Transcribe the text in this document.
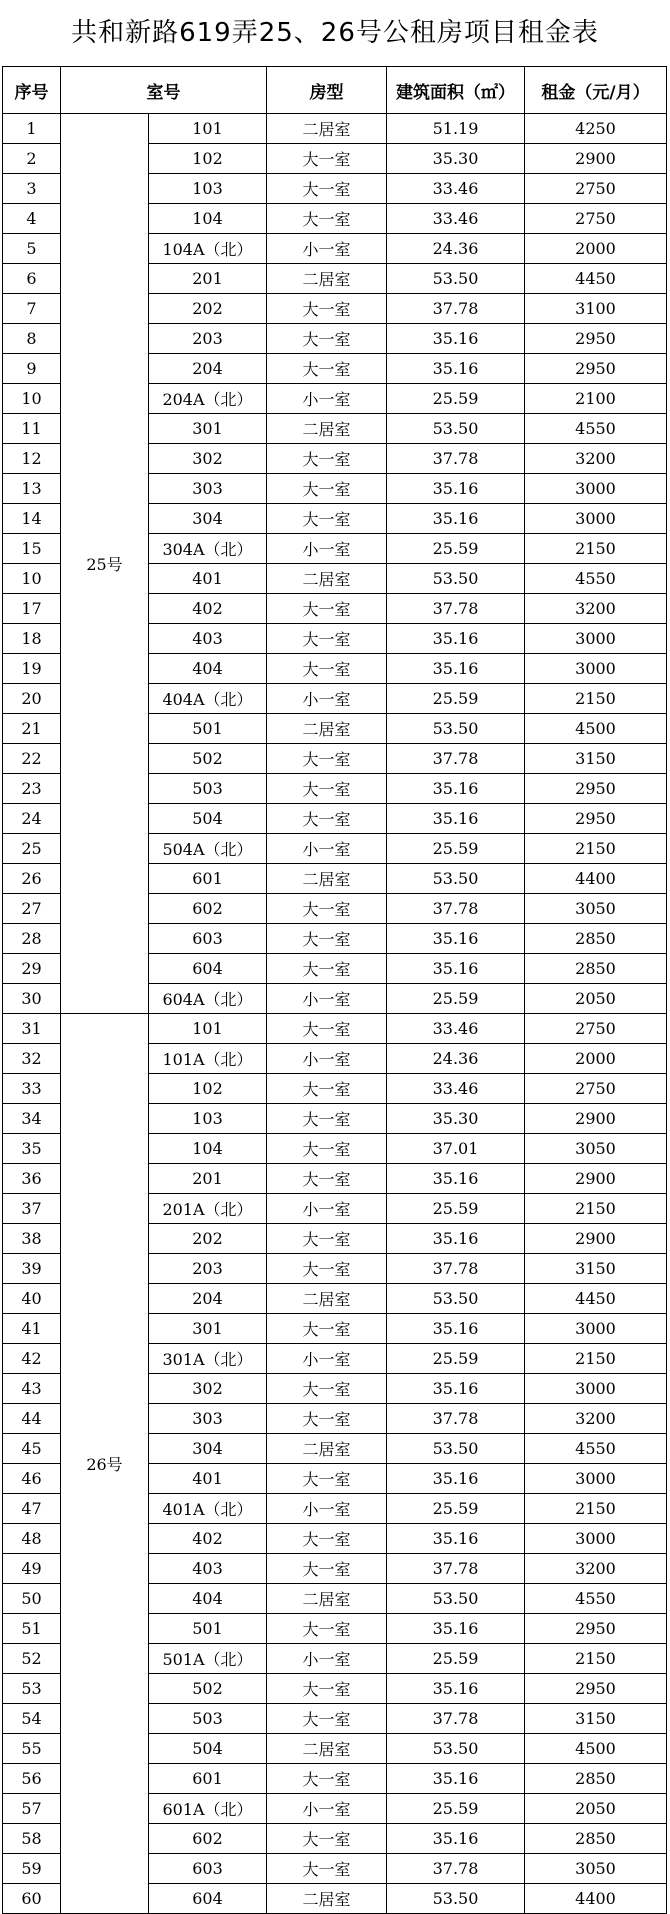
共和新路619弄25、26号公租房项目租金表
序号	室号		房型	建筑面积（㎡）	租金（元/月）
1	25号	101	二居室	51.19	4250
2		102	大一室	35.30	2900
3		103	大一室	33.46	2750
4		104	大一室	33.46	2750
5		104A（北）	小一室	24.36	2000
6		201	二居室	53.50	4450
7		202	大一室	37.78	3100
8		203	大一室	35.16	2950
9		204	大一室	35.16	2950
10		204A（北）	小一室	25.59	2100
11		301	二居室	53.50	4550
12		302	大一室	37.78	3200
13		303	大一室	35.16	3000
14		304	大一室	35.16	3000
15		304A（北）	小一室	25.59	2150
10		401	二居室	53.50	4550
17		402	大一室	37.78	3200
18		403	大一室	35.16	3000
19		404	大一室	35.16	3000
20		404A（北）	小一室	25.59	2150
21		501	二居室	53.50	4500
22		502	大一室	37.78	3150
23		503	大一室	35.16	2950
24		504	大一室	35.16	2950
25		504A（北）	小一室	25.59	2150
26		601	二居室	53.50	4400
27		602	大一室	37.78	3050
28		603	大一室	35.16	2850
29		604	大一室	35.16	2850
30		604A（北）	小一室	25.59	2050
31	26号	101	大一室	33.46	2750
32		101A（北）	小一室	24.36	2000
33		102	大一室	33.46	2750
34		103	大一室	35.30	2900
35		104	大一室	37.01	3050
36		201	大一室	35.16	2900
37		201A（北）	小一室	25.59	2150
38		202	大一室	35.16	2900
39		203	大一室	37.78	3150
40		204	二居室	53.50	4450
41		301	大一室	35.16	3000
42		301A（北）	小一室	25.59	2150
43		302	大一室	35.16	3000
44		303	大一室	37.78	3200
45		304	二居室	53.50	4550
46		401	大一室	35.16	3000
47		401A（北）	小一室	25.59	2150
48		402	大一室	35.16	3000
49		403	大一室	37.78	3200
50		404	二居室	53.50	4550
51		501	大一室	35.16	2950
52		501A（北）	小一室	25.59	2150
53		502	大一室	35.16	2950
54		503	大一室	37.78	3150
55		504	二居室	53.50	4500
56		601	大一室	35.16	2850
57		601A（北）	小一室	25.59	2050
58		602	大一室	35.16	2850
59		603	大一室	37.78	3050
60		604	二居室	53.50	4400
